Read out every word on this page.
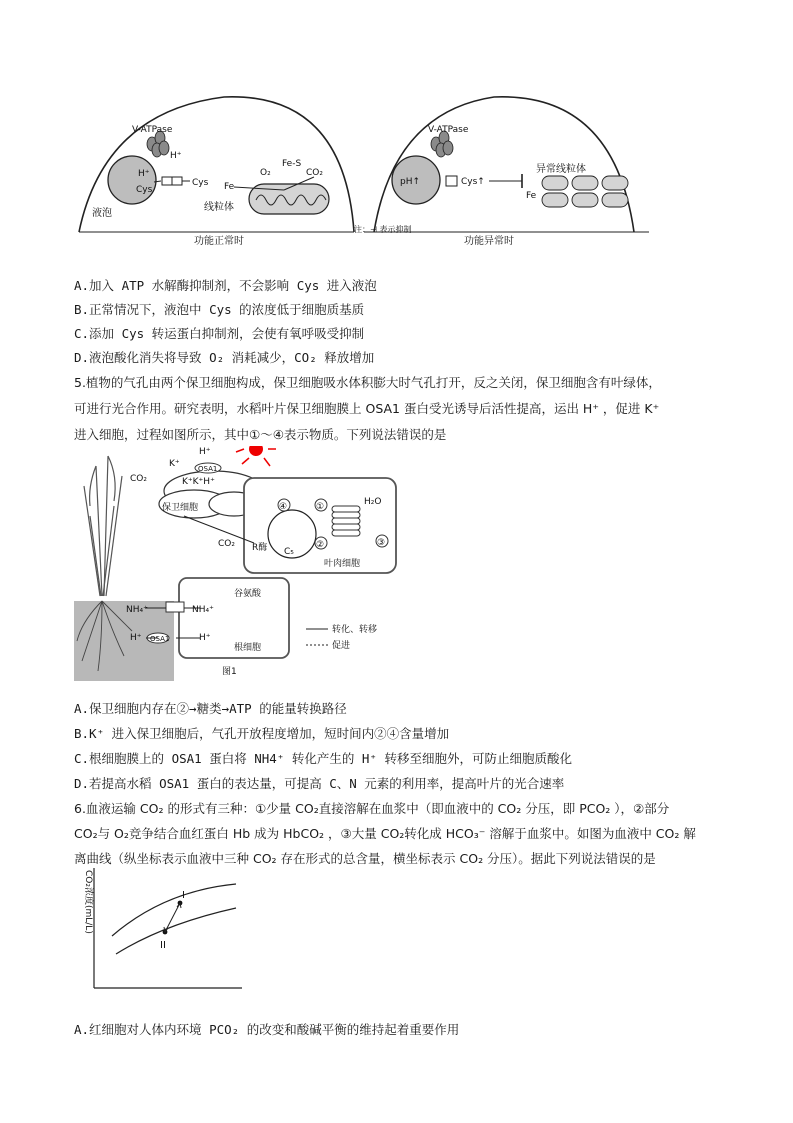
V-ATPase
H⁺
H⁺
Cys
Cys
液泡
Fe
O₂
Fe-S
CO₂
线粒体
功能正常时
V-ATPase
pH↑	Cys↑
异常线粒体
Fe
注：⊣ 表示抑制
功能异常时
A.加入 ATP 水解酶抑制剂，不会影响 Cys 进入液泡
B.正常情况下，液泡中 Cys 的浓度低于细胞质基质
C.添加 Cys 转运蛋白抑制剂，会使有氧呼吸受抑制
D.液泡酸化消失将导致 O₂ 消耗减少，CO₂ 释放增加
5.植物的气孔由两个保卫细胞构成，保卫细胞吸水体积膨大时气孔打开，反之关闭，保卫细胞含有叶绿体，
可进行光合作用。研究表明，水稻叶片保卫细胞膜上 OSA1 蛋白受光诱导后活性提高，运出 H⁺ ，促进 K⁺
进入细胞，过程如图所示，其中①～④表示物质。下列说法错误的是
H⁺
K⁺	OSA1
K⁺K⁺H⁺
CO₂
保卫细胞
CO₂ R酶 C₅
④	①
②	③
H₂O
叶肉细胞
谷氨酸
NH₄⁺	NH₄⁺
H⁺	H⁺
OSA1
根细胞
转化、转移
促进
图1
A.保卫细胞内存在②→糖类→ATP 的能量转换路径
B.K⁺ 进入保卫细胞后，气孔开放程度增加，短时间内②④含量增加
C.根细胞膜上的 OSA1 蛋白将 NH4⁺ 转化产生的 H⁺ 转移至细胞外，可防止细胞质酸化
D.若提高水稻 OSA1 蛋白的表达量，可提高 C、N 元素的利用率，提高叶片的光合速率
6.血液运输 CO₂ 的形式有三种：①少量 CO₂直接溶解在血浆中（即血液中的 CO₂ 分压，即 PCO₂ ），②部分
CO₂与 O₂竞争结合血红蛋白 Hb 成为 HbCO₂ ，③大量 CO₂转化成 HCO₃⁻ 溶解于血浆中。如图为血液中 CO₂ 解
离曲线（纵坐标表示血液中三种 CO₂ 存在形式的总含量，横坐标表示 CO₂ 分压）。据此下列说法错误的是
CO₂浓度(mL/L)	I
II
A.红细胞对人体内环境 PCO₂ 的改变和酸碱平衡的维持起着重要作用
